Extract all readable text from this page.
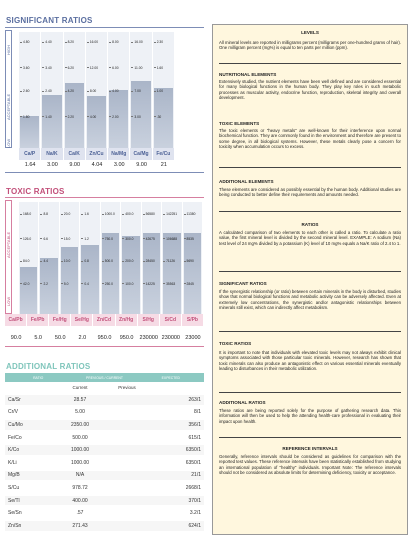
SIGNIFICANT RATIOS
LOW
ACCEPTABLE
HIGH
4.80
3.60
2.60
1.80
4.40
3.40
2.40
1.40
8.20
6.20
4.20
2.20
16.00
12.00
8.00
4.00
8.00
6.00
4.00
2.00
16.00
11.00
7.00
3.00
2.30
1.60
1.00
.30
Ca/P	Na/K	Ca/K	Zn/Cu	Na/Mg	Ca/Mg	Fe/Cu
1.64	3.00	9.00	4.04	3.00	9.00	21
TOXIC RATIOS
LOW
ACCEPTABLE
168.0
126.0
84.0
42.0
8.8
6.6
4.4
2.2
20.0
15.0
10.0
5.0
1.6
1.2
0.8
0.4
1000.0
750.0
500.0
250.0
400.0
300.0
200.0
100.0
56580
42675
28450
14225
142251
106688
71126
35563
11380
8535
5690
2845
Ca/Pb	Fe/Pb	Fe/Hg	Se/Hg	Zn/Cd	Zn/Hg	S/Hg	S/Cd	S/Pb
90.0	5.0	50.0	2.0	950.0	950.0	230000 230000 23000
ADDITIONAL RATIOS
RATIO	PREVIOUS / CURRENT	EXPECTED
Current	Previous
Ca/Sr	28.57	263/1
Cr/V	5.00	8/1
Cu/Mo	2350.00	356/1
Fe/Co	500.00	615/1
K/Co	1000.00	6350/1
K/Li	1000.00	6350/1
Mg/B	N/A	21/1
S/Cu	978.72	2668/1
Se/Tl	400.00	370/1
Se/Sn	.57	3.2/1
Zn/Sn	271.43	624/1
LEVELS
All mineral levels are reported in milligrams percent (milligrams per one-hundred grams of hair). One milligram percent (mg%) is equal to ten parts per million (ppm).
NUTRITIONAL ELEMENTS
Extensively studied, the nutrient elements have been well defined and are considered essential for many biological functions in the human body. They play key roles in such metabolic processes as muscular activity, endocrine function, reproduction, skeletal integrity and overall development.
TOXIC ELEMENTS
The toxic elements or "heavy metals" are well-known for their interference upon normal biochemical function. They are commonly found in the environment and therefore are present to some degree, in all biological systems. However, these metals clearly pose a concern for toxicity when accumulation occurs to excess.
ADDITIONAL ELEMENTS
These elements are considered as possibly essential by the human body. Additional studies are being conducted to better define their requirements and amounts needed.
RATIOS
A calculated comparison of two elements to each other is called a ratio. To calculate a ratio value, the first mineral level is divided by the second mineral level. EXAMPLE: A sodium (Na) test level of 24 mg% divided by a potassium (K) level of 10 mg% equals a Na/K ratio of 2.4 to 1.
SIGNIFICANT RATIOS
If the synergistic relationship (or ratio) between certain minerals in the body is disturbed, studies show that normal biological functions and metabolic activity can be adversely affected. Even at extremely low concentrations, the synergistic and/or antagonistic relationships between minerals still exist, which can indirectly affect metabolism.
TOXIC RATIOS
It is important to note that individuals with elevated toxic levels may not always exhibit clinical symptoms associated with those particular toxic minerals. However, research has shown that toxic minerals can also produce an antagonistic effect on various essential minerals eventually leading to disturbances in their metabolic utilization.
ADDITIONAL RATIOS
These ratios are being reported solely for the purpose of gathering research data. This information will then be used to help the attending health-care professional in evaluating their impact upon health.
REFERENCE INTERVALS
Generally, reference intervals should be considered as guidelines for comparison with the reported test values. These reference intervals have been statistically established from studying an international population of "healthy" individuals. Important Note: The reference intervals should not be considered as absolute limits for determining deficiency, toxicity or acceptance.
